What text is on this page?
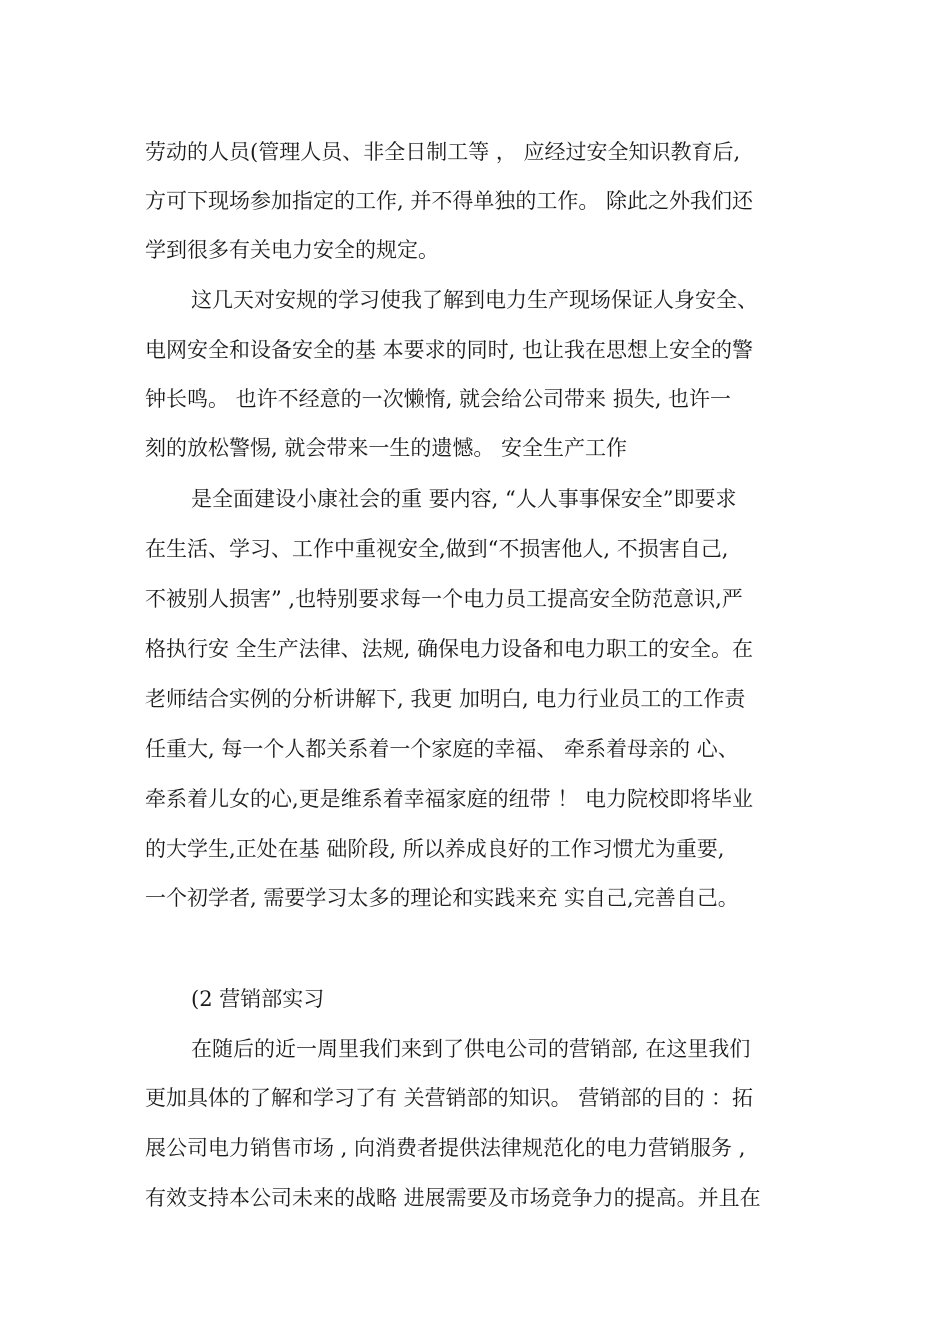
劳动的人员(管理人员、非全日制工等 ， 应经过安全知识教育后,
方可下现场参加指定的工作, 并不得单独的工作。 除此之外我们还
学到很多有关电力安全的规定。
这几天对安规的学习使我了解到电力生产现场保证人身安全、
电网安全和设备安全的基 本要求的同时, 也让我在思想上安全的警
钟长鸣。 也许不经意的一次懒惰, 就会给公司带来 损失, 也许一
刻的放松警惕, 就会带来一生的遗憾。 安全生产工作
是全面建设小康社会的重 要内容, “人人事事保安全”即要求
在生活、学习、工作中重视安全,做到“不损害他人, 不损害自己,
不被别人损害” ,也特别要求每一个电力员工提高安全防范意识,严
格执行安 全生产法律、法规, 确保电力设备和电力职工的安全。在
老师结合实例的分析讲解下, 我更 加明白, 电力行业员工的工作责
任重大, 每一个人都关系着一个家庭的幸福、 牵系着母亲的 心、
牵系着儿女的心,更是维系着幸福家庭的纽带 ！ 电力院校即将毕业
的大学生,正处在基 础阶段, 所以养成良好的工作习惯尤为重要,
一个初学者, 需要学习太多的理论和实践来充 实自己,完善自己。
(2 营销部实习
在随后的近一周里我们来到了供电公司的营销部, 在这里我们
更加具体的了解和学习了有 关营销部的知识。 营销部的目的 ：拓
展公司电力销售市场 , 向消费者提供法律规范化的电力营销服务 ,
有效支持本公司未来的战略 进展需要及市场竞争力的提高。并且在
